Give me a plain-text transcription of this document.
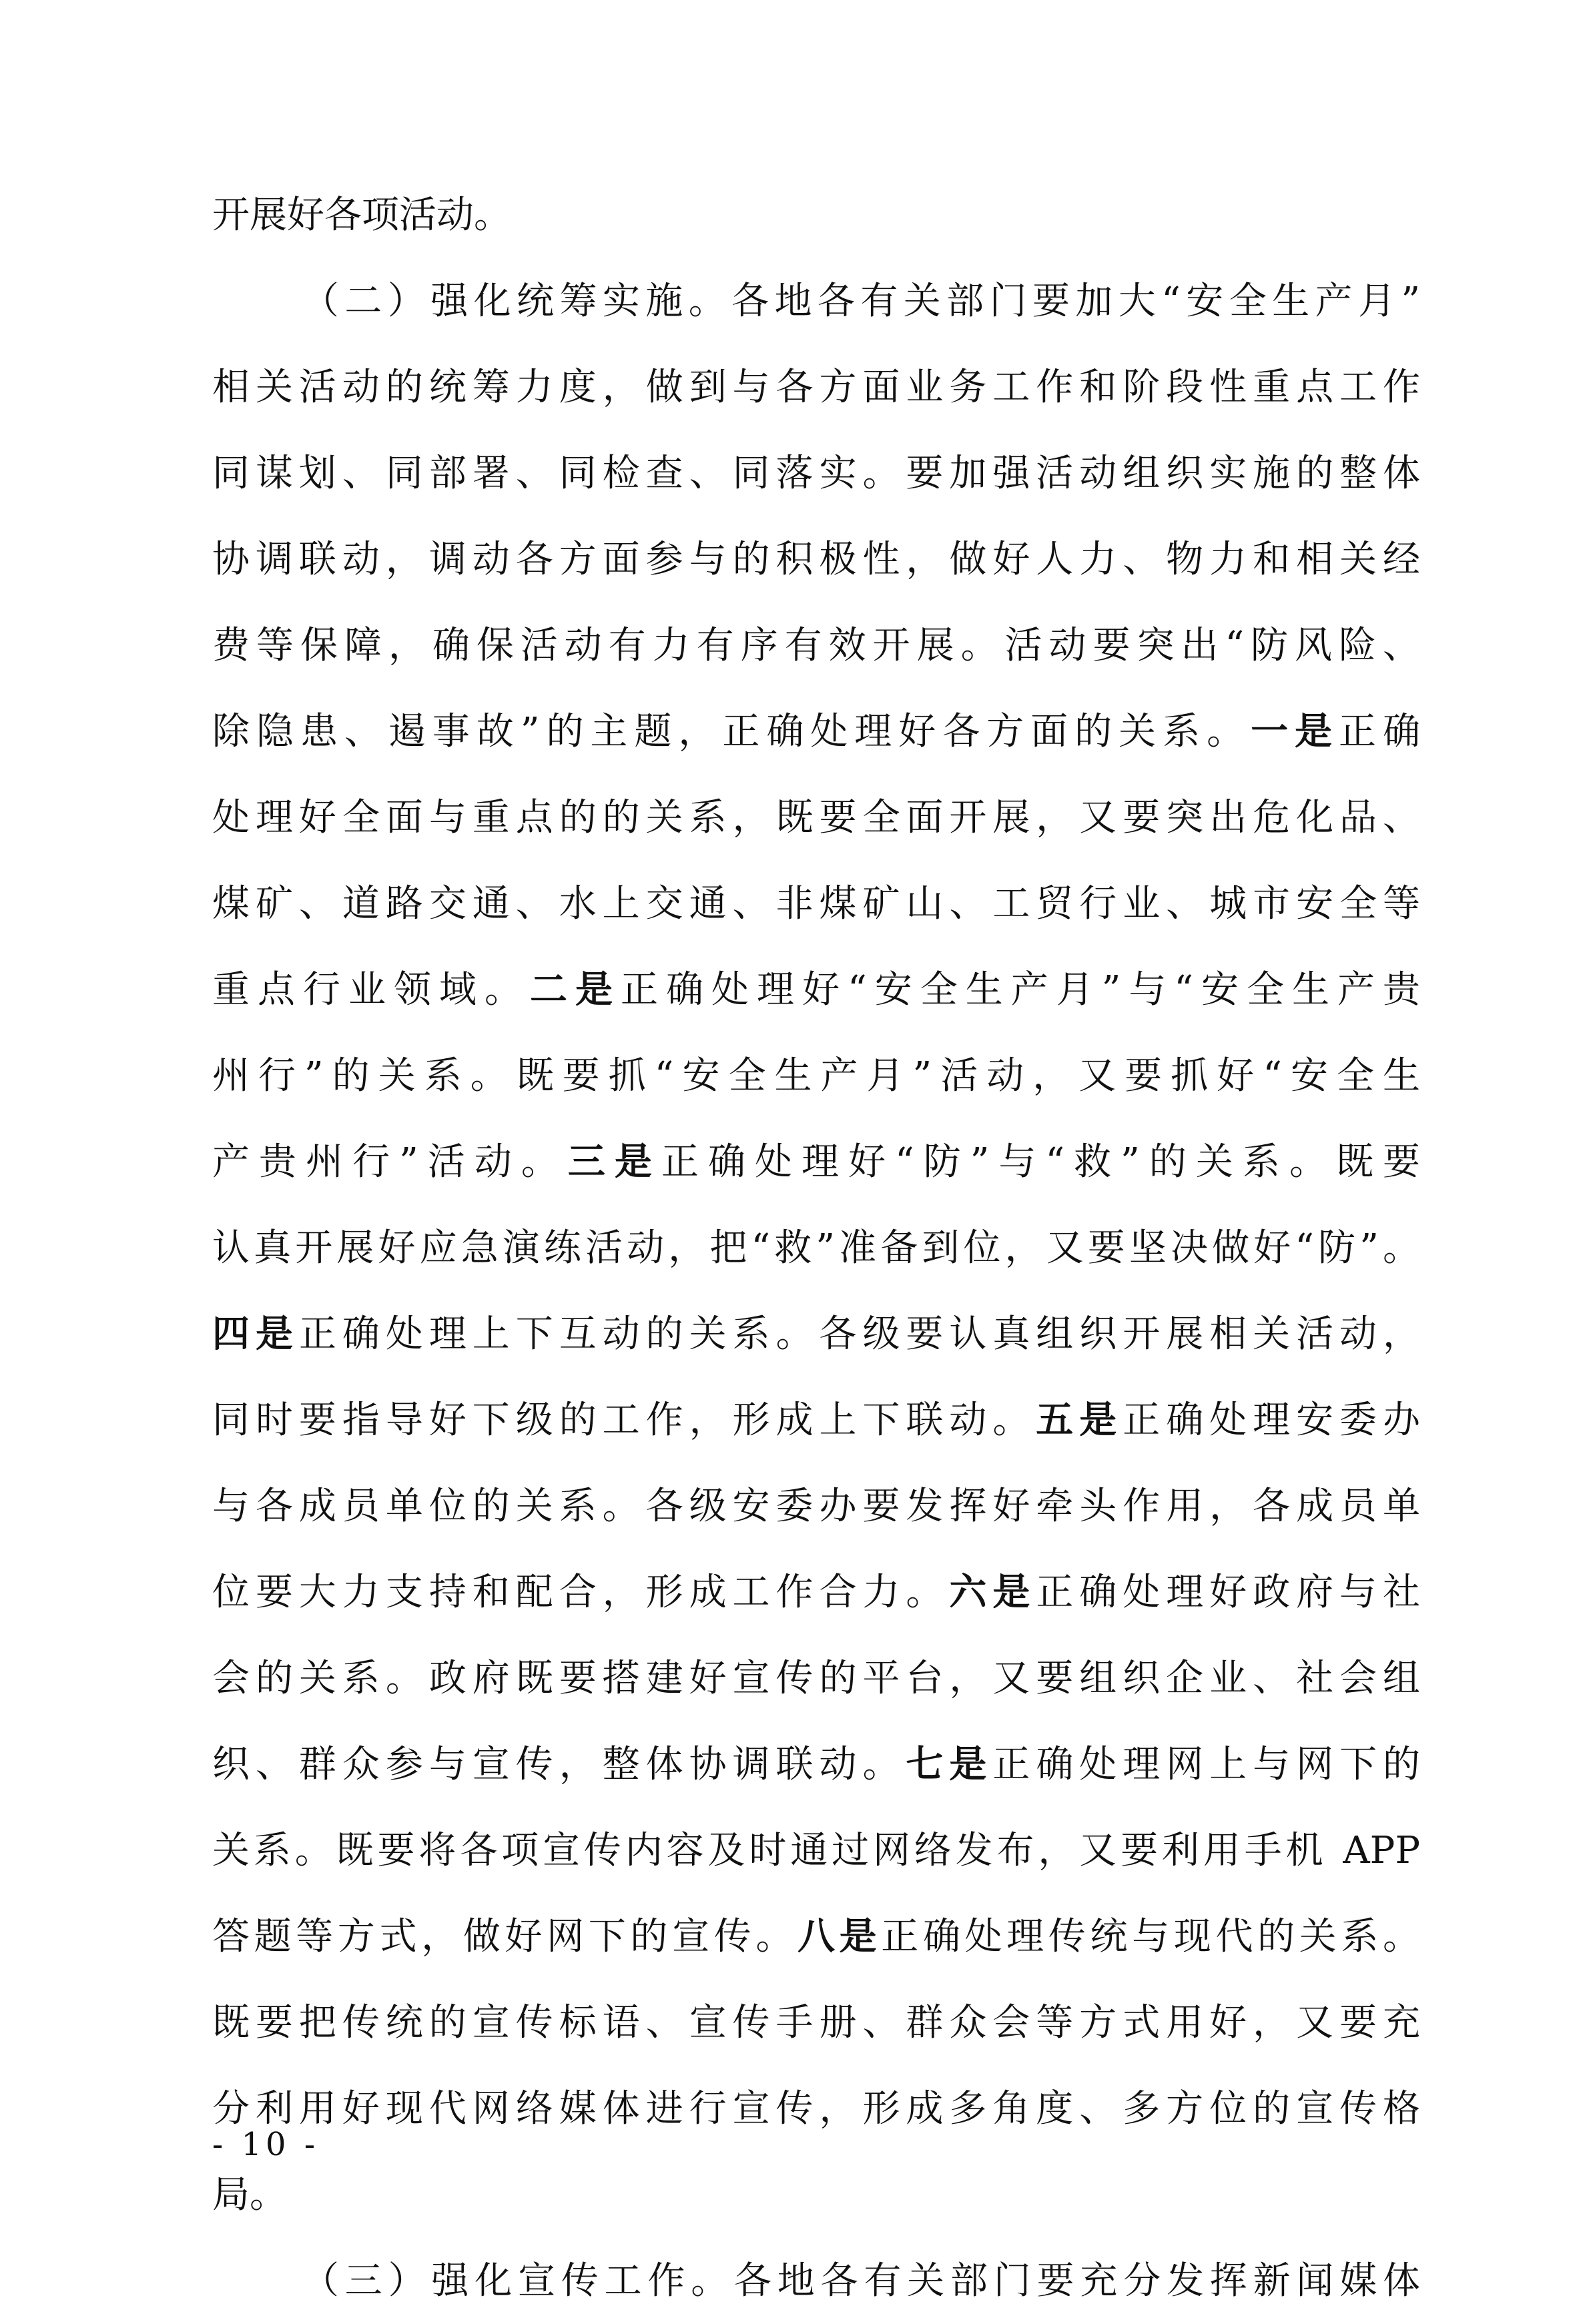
开展好各项活动。
（二）强化统筹实施。各地各有关部门要加大“安全生产月”
相关活动的统筹力度，做到与各方面业务工作和阶段性重点工作
同谋划、同部署、同检查、同落实。要加强活动组织实施的整体
协调联动，调动各方面参与的积极性，做好人力、物力和相关经
费等保障，确保活动有力有序有效开展。活动要突出“防风险、
除隐患、遏事故”的主题，正确处理好各方面的关系。一是正确
处理好全面与重点的的关系，既要全面开展，又要突出危化品、
煤矿、道路交通、水上交通、非煤矿山、工贸行业、城市安全等
重点行业领域。二是正确处理好“安全生产月”与“安全生产贵
州行”的关系。既要抓“安全生产月”活动，又要抓好“安全生
产贵州行”活动。三是正确处理好“防”与“救”的关系。既要
认真开展好应急演练活动，把“救”准备到位，又要坚决做好“防”。
四是正确处理上下互动的关系。各级要认真组织开展相关活动，
同时要指导好下级的工作，形成上下联动。五是正确处理安委办
与各成员单位的关系。各级安委办要发挥好牵头作用，各成员单
位要大力支持和配合，形成工作合力。六是正确处理好政府与社
会的关系。政府既要搭建好宣传的平台，又要组织企业、社会组
织、群众参与宣传，整体协调联动。七是正确处理网上与网下的
关系。既要将各项宣传内容及时通过网络发布，又要利用手机 APP
答题等方式，做好网下的宣传。八是正确处理传统与现代的关系。
既要把传统的宣传标语、宣传手册、群众会等方式用好，又要充
分利用好现代网络媒体进行宣传，形成多角度、多方位的宣传格
局。
（三）强化宣传工作。各地各有关部门要充分发挥新闻媒体
- 10 -
